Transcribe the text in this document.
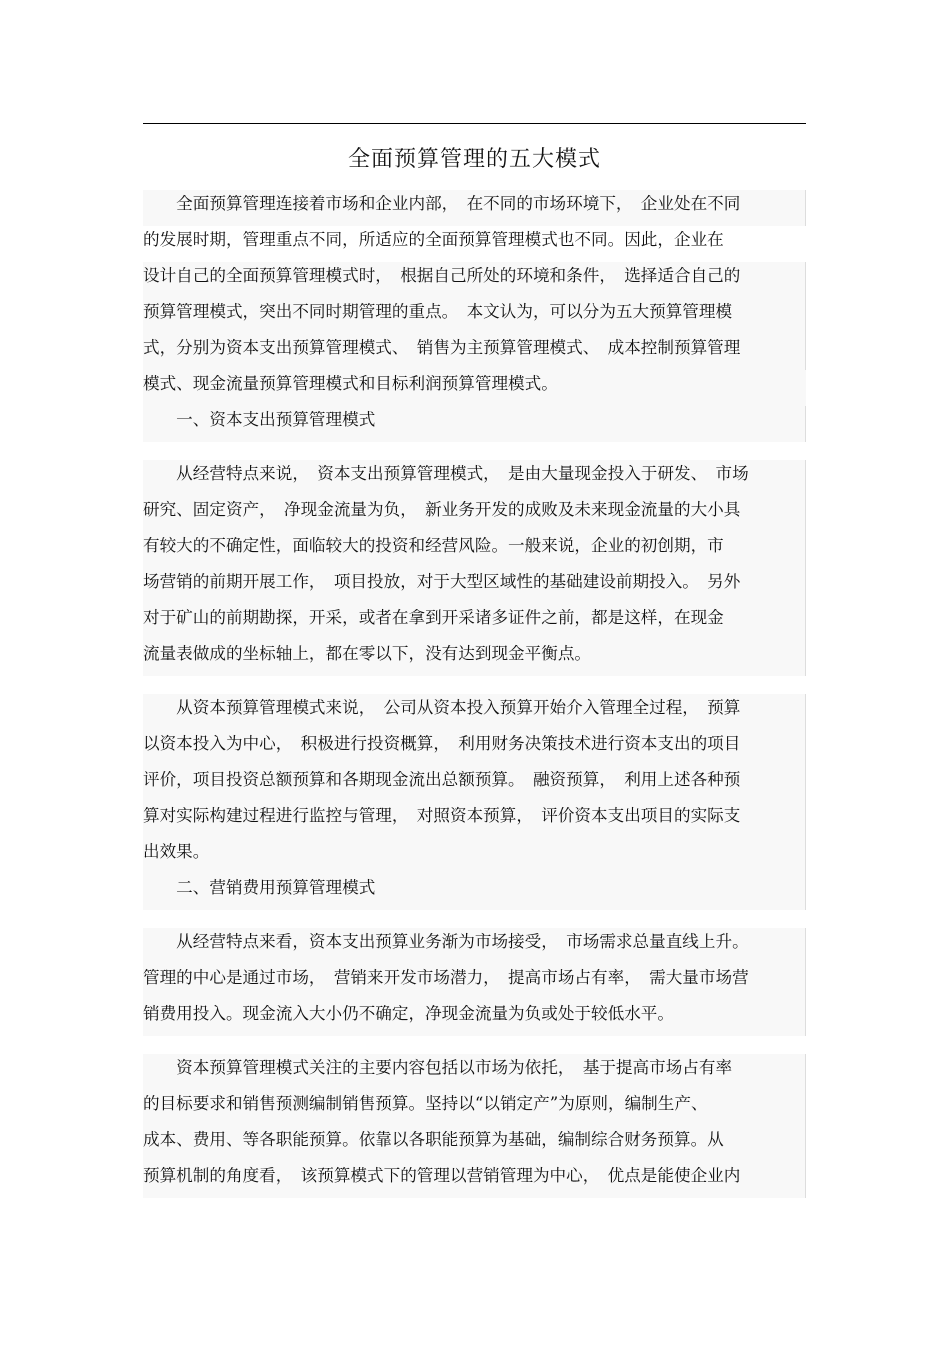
全面预算管理的五大模式
　　全面预算管理连接着市场和企业内部，　在不同的市场环境下，　企业处在不同
的发展时期，管理重点不同，所适应的全面预算管理模式也不同。因此，企业在
设计自己的全面预算管理模式时，　根据自己所处的环境和条件，　选择适合自己的
预算管理模式，突出不同时期管理的重点。　本文认为，可以分为五大预算管理模
式，分别为资本支出预算管理模式、　销售为主预算管理模式、　成本控制预算管理
模式、现金流量预算管理模式和目标利润预算管理模式。
　　一、资本支出预算管理模式
　　从经营特点来说，　资本支出预算管理模式，　是由大量现金投入于研发、　市场
研究、固定资产，　净现金流量为负，　新业务开发的成败及未来现金流量的大小具
有较大的不确定性，面临较大的投资和经营风险。一般来说，企业的初创期，市
场营销的前期开展工作，　项目投放，对于大型区域性的基础建设前期投入。　另外
对于矿山的前期勘探，开采，或者在拿到开采诸多证件之前，都是这样，在现金
流量表做成的坐标轴上，都在零以下，没有达到现金平衡点。
　　从资本预算管理模式来说，　公司从资本投入预算开始介入管理全过程，　预算
以资本投入为中心，　积极进行投资概算，　利用财务决策技术进行资本支出的项目
评价，项目投资总额预算和各期现金流出总额预算。　融资预算，　利用上述各种预
算对实际构建过程进行监控与管理，　对照资本预算，　评价资本支出项目的实际支
出效果。
　　二、营销费用预算管理模式
　　从经营特点来看，资本支出预算业务渐为市场接受，　市场需求总量直线上升。
管理的中心是通过市场，　营销来开发市场潜力，　提高市场占有率，　需大量市场营
销费用投入。现金流入大小仍不确定，净现金流量为负或处于较低水平。
　　资本预算管理模式关注的主要内容包括以市场为依托，　基于提高市场占有率
的目标要求和销售预测编制销售预算。坚持以“以销定产”为原则，编制生产、
成本、费用、等各职能预算。依靠以各职能预算为基础，编制综合财务预算。从
预算机制的角度看，　该预算模式下的管理以营销管理为中心，　优点是能使企业内
